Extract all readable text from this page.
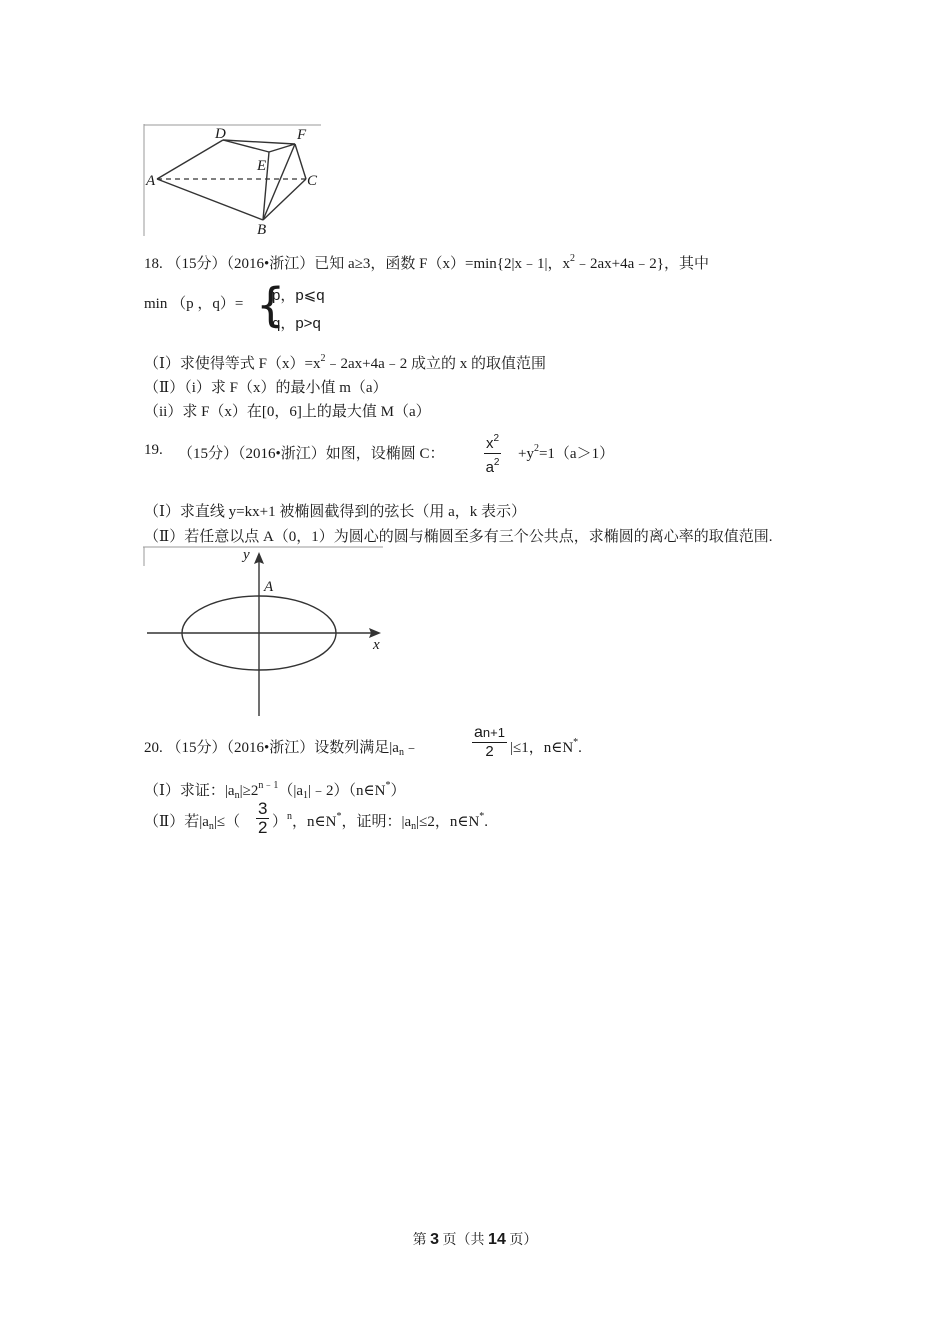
A
D	F
E
C
B
18. （15分）（2016•浙江）已知 a≥3，函数 F（x）=min{2|x﹣1|，$x^2﹣2ax+4a﹣2$}，其中
min （p ，q）= {
p，p⩽q
q，p>q
（Ⅰ）求使得等式 $F(x)=x^2﹣2ax+4a﹣2$ 成立的 x 的取值范围
（Ⅱ）（i）求 F（x）的最小值 m（a）
（ii）求 F（x）在[0，6]上的最大值 M（a）
19. （15分）（2016•浙江）如图，设椭圆 C：	$\frac{x^2}{a^2} +y^2=1(a>1)$
（Ⅰ）求直线 y=kx+1 被椭圆截得到的弦长（用 a，k 表示）
（Ⅱ）若任意以点 A（0，1）为圆心的圆与椭圆至多有三个公共点，求椭圆的离心率的取值范围.
y
x
A
20. （15分）（2016•浙江）设数列满足$|a_n﹣$	$\frac{an+1}{2} |\le 1$，n∈N*.
（Ⅰ）求证：$|a_n|\ge 2^{n﹣1}(|a_1|﹣2)(n\in N^*)$
（Ⅱ）若$|a_n|\le( \frac{3}{2} )^n$，n∈N*，证明：$|a_n|\le 2$，n∈N*.
第 3 页（共 14 页）
